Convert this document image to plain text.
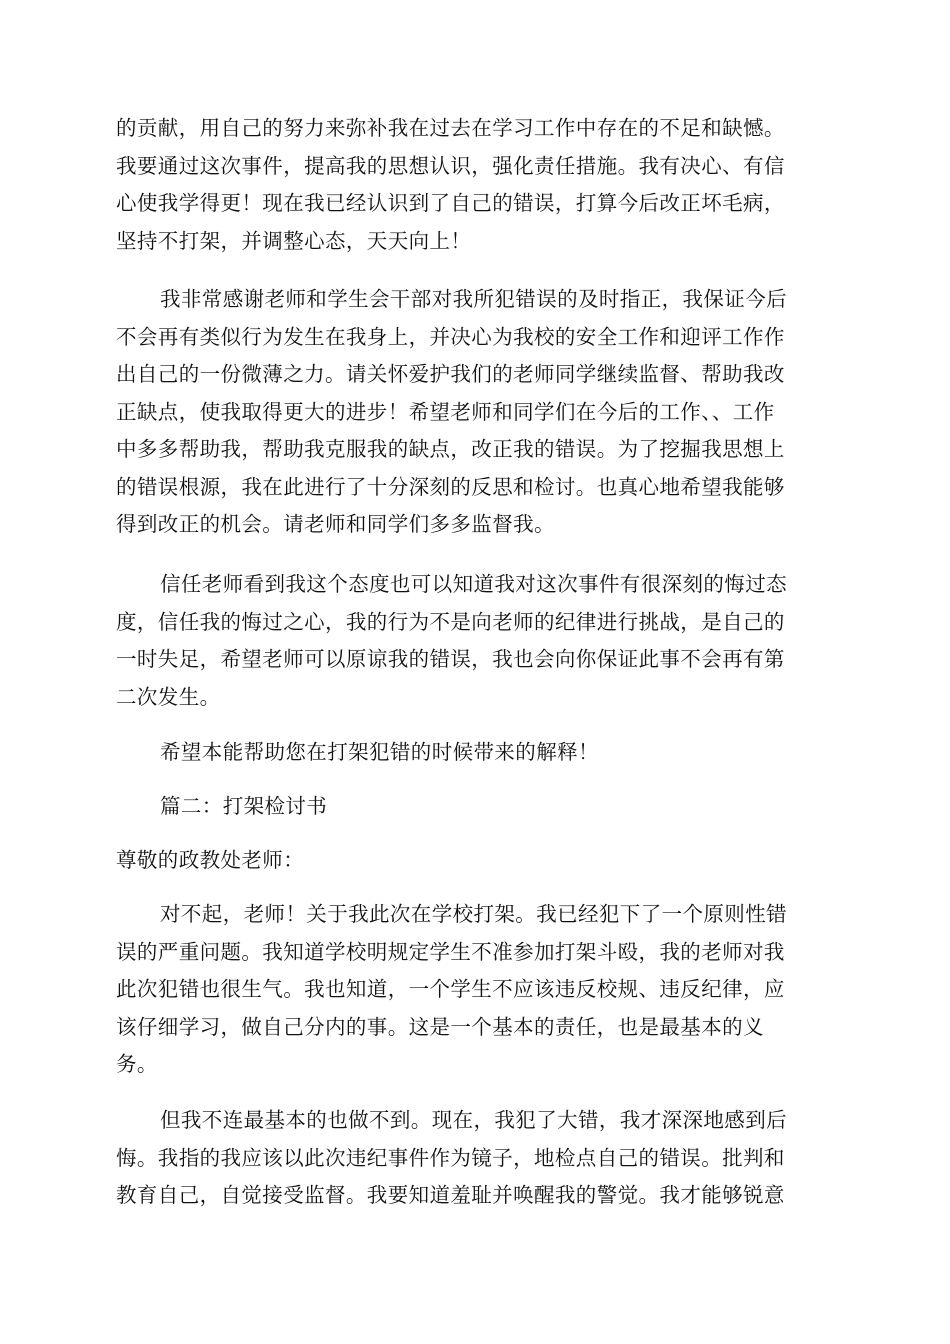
的贡献，用自己的努力来弥补我在过去在学习工作中存在的不足和缺憾。
我要通过这次事件，提高我的思想认识，强化责任措施。我有决心、有信
心使我学得更！现在我已经认识到了自己的错误，打算今后改正坏毛病，
坚持不打架，并调整心态，天天向上！
我非常感谢老师和学生会干部对我所犯错误的及时指正，我保证今后
不会再有类似行为发生在我身上，并决心为我校的安全工作和迎评工作作
出自己的一份微薄之力。请关怀爱护我们的老师同学继续监督、帮助我改
正缺点，使我取得更大的进步！希望老师和同学们在今后的工作、、工作
中多多帮助我，帮助我克服我的缺点，改正我的错误。为了挖掘我思想上
的错误根源，我在此进行了十分深刻的反思和检讨。也真心地希望我能够
得到改正的机会。请老师和同学们多多监督我。
信任老师看到我这个态度也可以知道我对这次事件有很深刻的悔过态
度，信任我的悔过之心，我的行为不是向老师的纪律进行挑战，是自己的
一时失足，希望老师可以原谅我的错误，我也会向你保证此事不会再有第
二次发生。
希望本能帮助您在打架犯错的时候带来的解释！
篇二：打架检讨书
尊敬的政教处老师：
对不起，老师！关于我此次在学校打架。我已经犯下了一个原则性错
误的严重问题。我知道学校明规定学生不准参加打架斗殴，我的老师对我
此次犯错也很生气。我也知道，一个学生不应该违反校规、违反纪律，应
该仔细学习，做自己分内的事。这是一个基本的责任，也是最基本的义
务。
但我不连最基本的也做不到。现在，我犯了大错，我才深深地感到后
悔。我指的我应该以此次违纪事件作为镜子，地检点自己的错误。批判和
教育自己，自觉接受监督。我要知道羞耻并唤醒我的警觉。我才能够锐意
